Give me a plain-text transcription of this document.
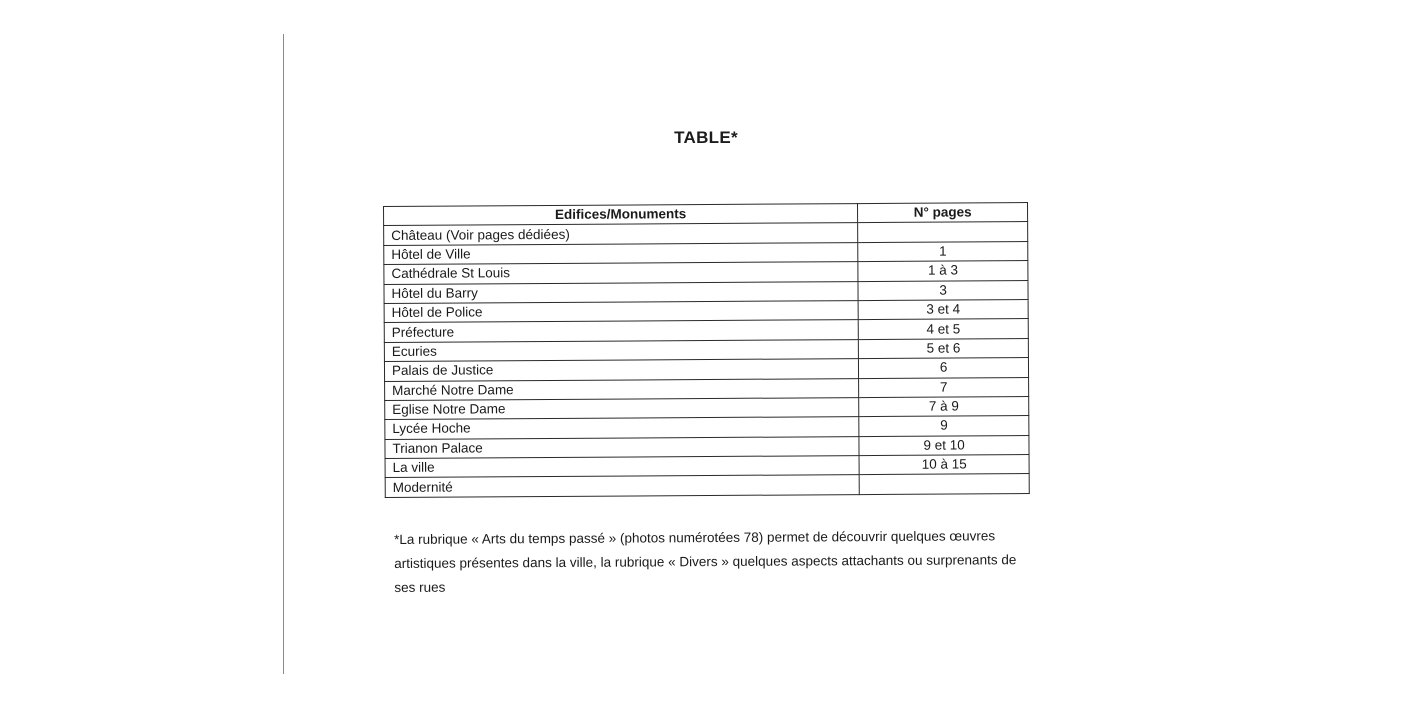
TABLE*
Edifices/Monuments	N° pages
Château (Voir pages dédiées)	
Hôtel de Ville	1
Cathédrale St Louis	1 à 3
Hôtel du Barry	3
Hôtel de Police	3 et 4
Préfecture	4 et 5
Ecuries	5 et 6
Palais de Justice	6
Marché Notre Dame	7
Eglise Notre Dame	7 à 9
Lycée Hoche	9
Trianon Palace	9 et 10
La ville	10 à 15
Modernité	
*La rubrique « Arts du temps passé » (photos numérotées 78) permet de découvrir quelques œuvres artistiques présentes dans la ville, la rubrique « Divers » quelques aspects attachants ou surprenants de ses rues
